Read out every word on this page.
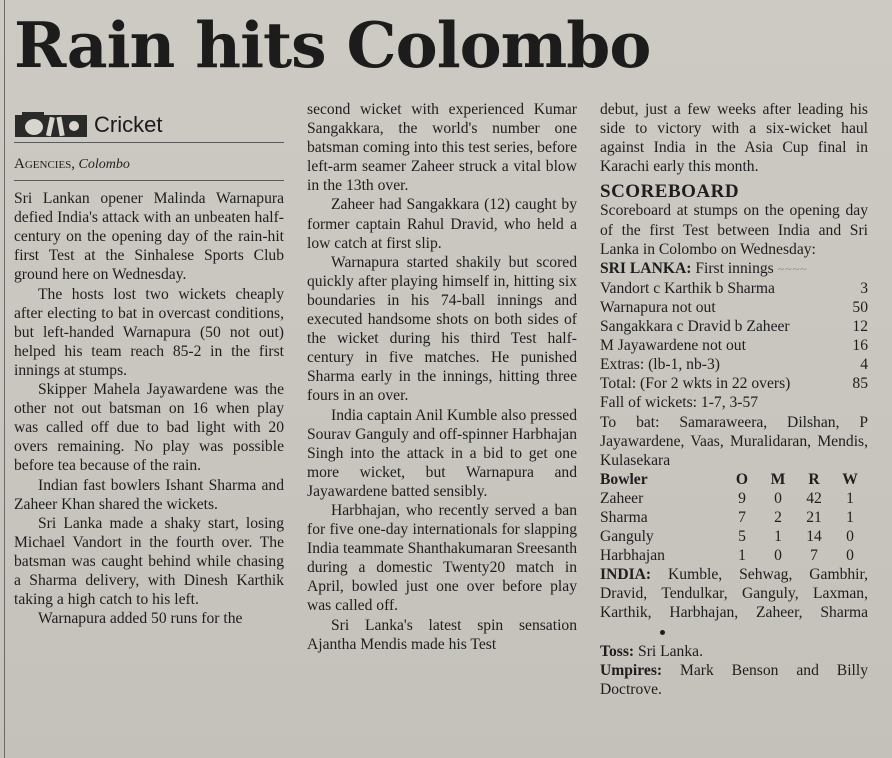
Rain hits Colombo
Cricket
Agencies, Colombo

Sri Lankan opener Malinda Warnapura defied India's attack with an unbeaten half-century on the opening day of the rain-hit first Test at the Sinhalese Sports Club ground here on Wednesday.

The hosts lost two wickets cheaply after electing to bat in overcast conditions, but left-handed Warnapura (50 not out) helped his team reach 85-2 in the first innings at stumps.

Skipper Mahela Jayawardene was the other not out batsman on 16 when play was called off due to bad light with 20 overs remaining. No play was possible before tea because of the rain.

Indian fast bowlers Ishant Sharma and Zaheer Khan shared the wickets.

Sri Lanka made a shaky start, losing Michael Vandort in the fourth over. The batsman was caught behind while chasing a Sharma delivery, with Dinesh Karthik taking a high catch to his left.

Warnapura added 50 runs for the

second wicket with experienced Kumar Sangakkara, the world's number one batsman coming into this test series, before left-arm seamer Zaheer struck a vital blow in the 13th over.

Zaheer had Sangakkara (12) caught by former captain Rahul Dravid, who held a low catch at first slip.

Warnapura started shakily but scored quickly after playing himself in, hitting six boundaries in his 74-ball innings and executed handsome shots on both sides of the wicket during his third Test half-century in five matches. He punished Sharma early in the innings, hitting three fours in an over.

India captain Anil Kumble also pressed Sourav Ganguly and off-spinner Harbhajan Singh into the attack in a bid to get one more wicket, but Warnapura and Jayawardene batted sensibly.

Harbhajan, who recently served a ban for five one-day internationals for slapping India teammate Shanthakumaran Sreesanth during a domestic Twenty20 match in April, bowled just one over before play was called off.

Sri Lanka's latest spin sensation Ajantha Mendis made his Test

debut, just a few weeks after leading his side to victory with a six-wicket haul against India in the Asia Cup final in Karachi early this month.

SCOREBOARD

Scoreboard at stumps on the opening day of the first Test between India and Sri Lanka in Colombo on Wednesday:

SRI LANKA: First innings ~~~~

Vandort c Karthik b Sharma	3
Warnapura not out	50
Sangakkara c Dravid b Zaheer	12
M Jayawardene not out	16
Extras: (lb-1, nb-3)	4
Total: (For 2 wkts in 22 overs)	85

Fall of wickets: 1-7, 3-57

To bat: Samaraweera, Dilshan, P Jayawardene, Vaas, Muralidaran, Mendis, Kulasekara

Bowler	O	M	R	W
Zaheer	9	0	42	1
Sharma	7	2	21	1
Ganguly	5	1	14	0
Harbhajan	1	0	7	0

INDIA: Kumble, Sehwag, Gambhir, Dravid, Tendulkar, Ganguly, Laxman, Karthik, Harbhajan, Zaheer, Sharma

Toss: Sri Lanka.

Umpires: Mark Benson and Billy Doctrove.
